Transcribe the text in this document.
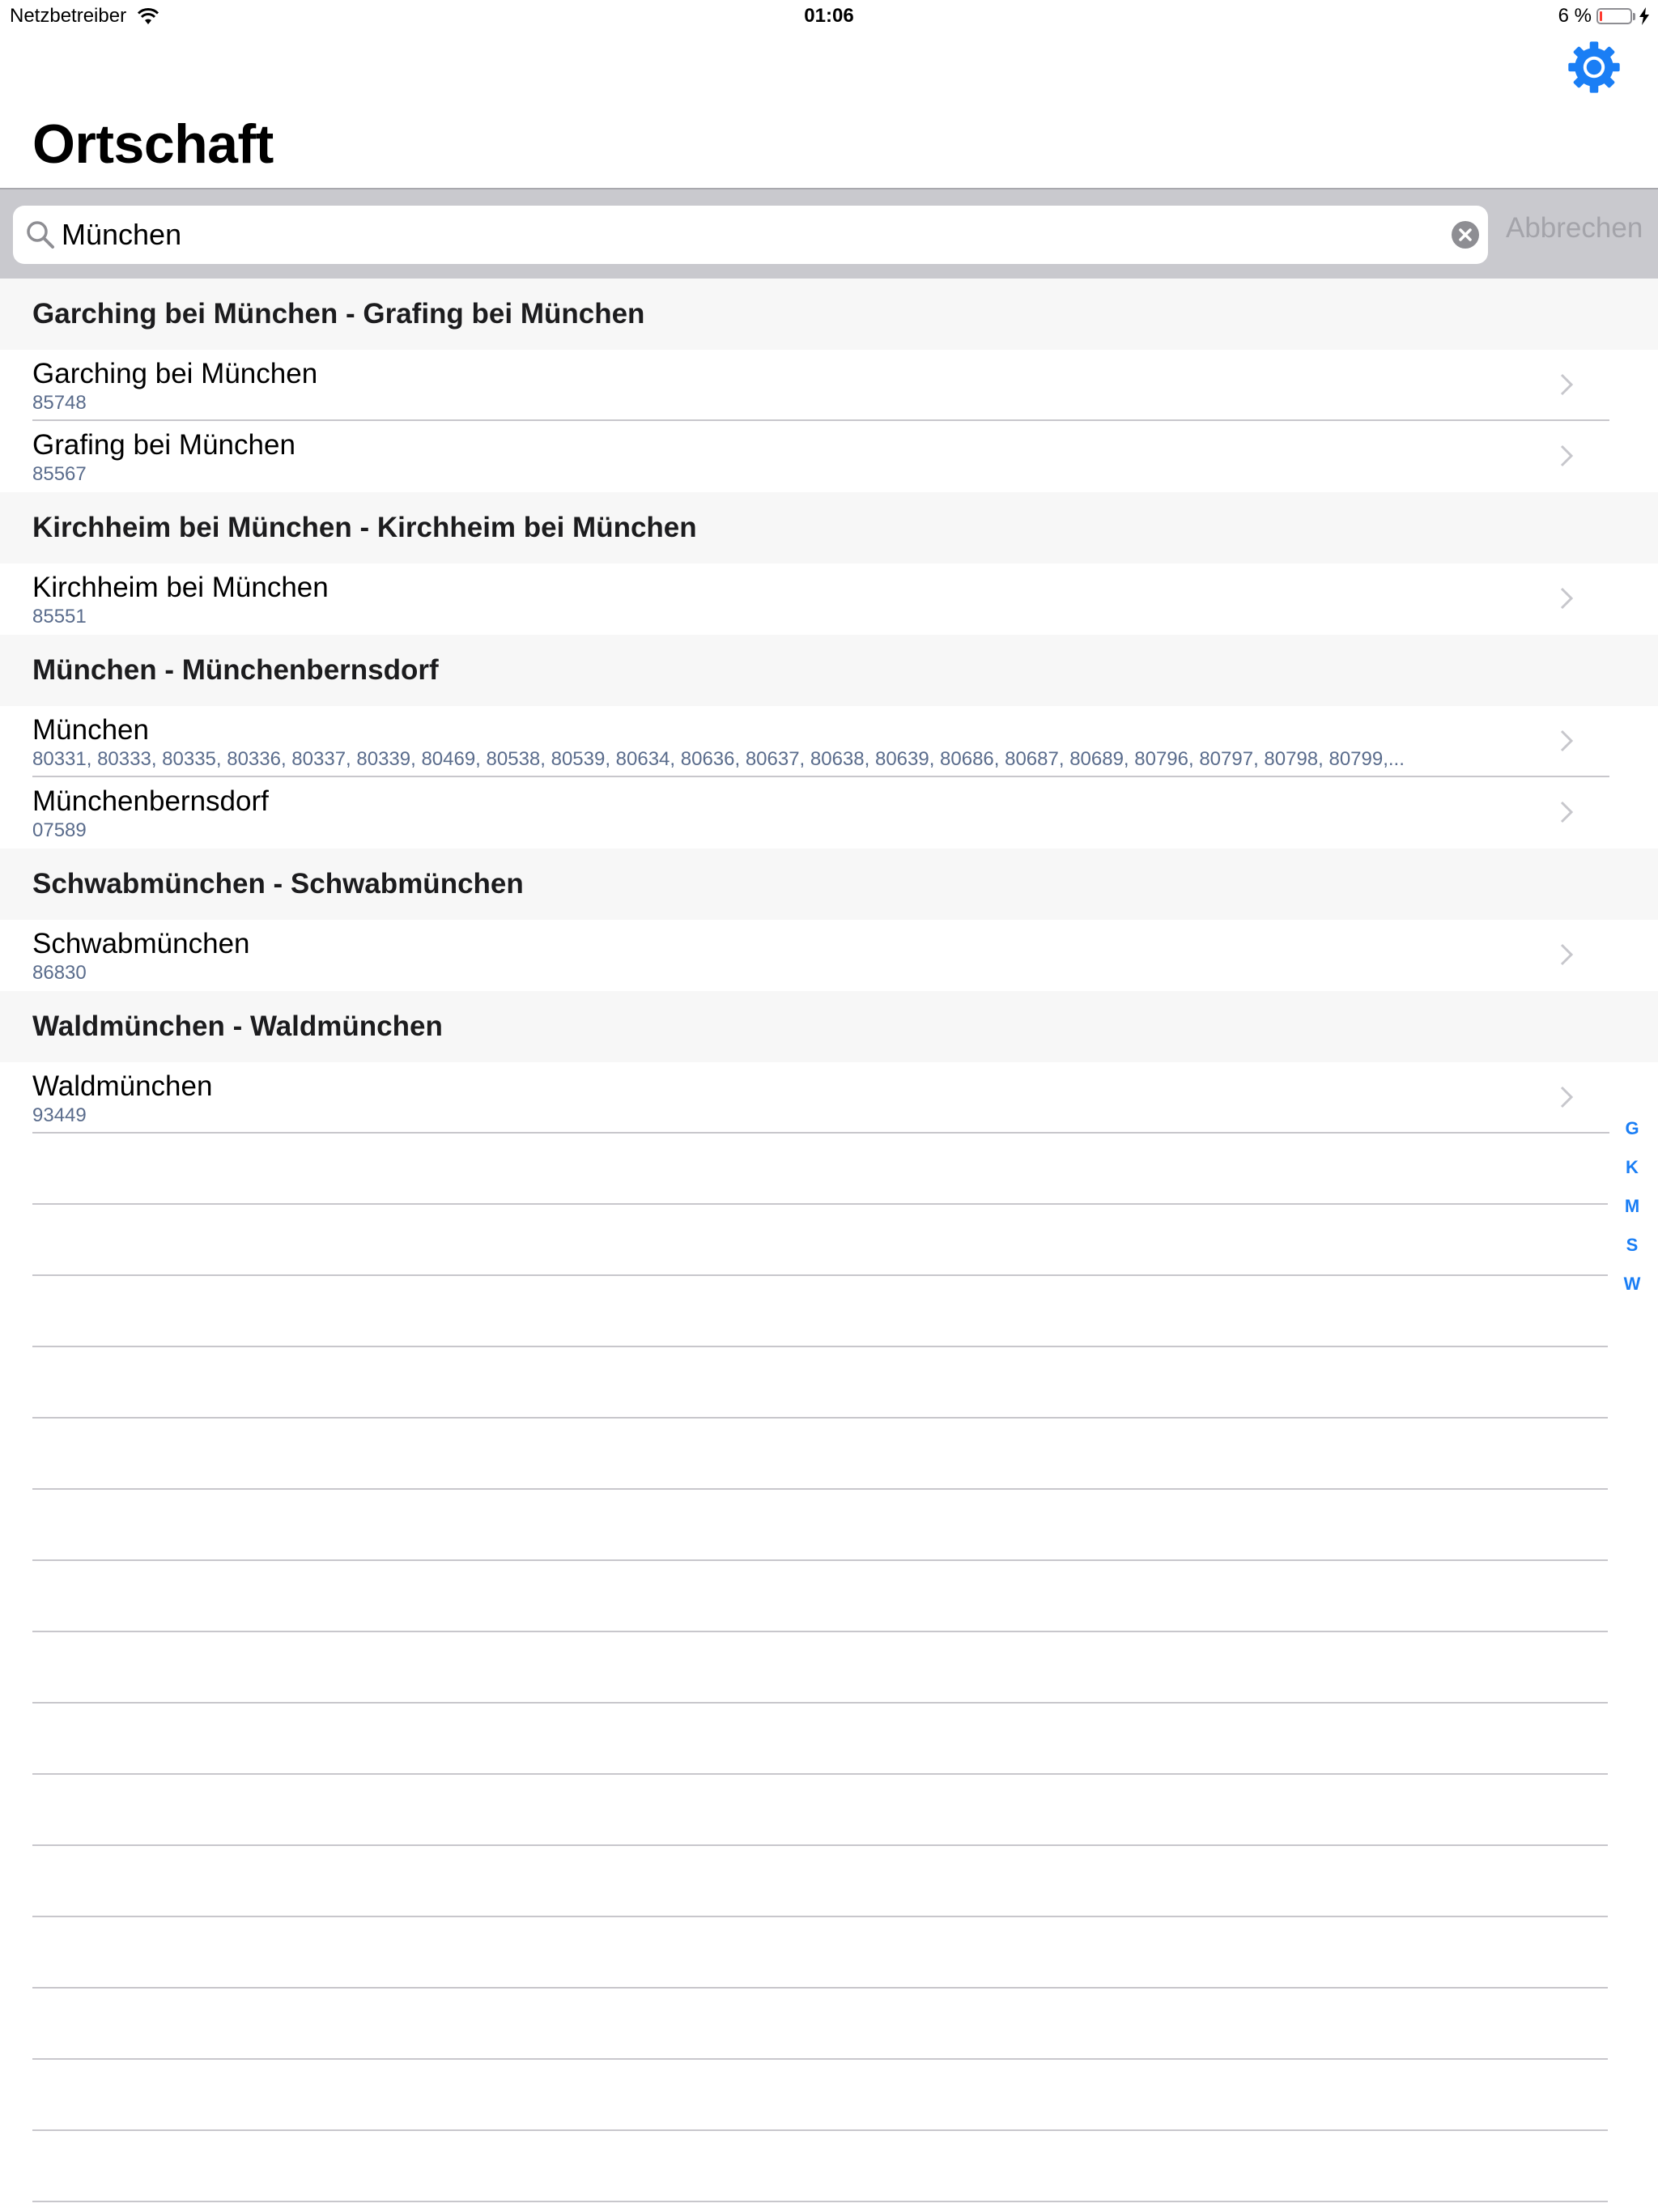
Netzbetreiber	01:06	6 %
Ortschaft
München
Abbrechen
Garching bei München - Grafing bei München
Garching bei München
85748
Grafing bei München
85567
Kirchheim bei München - Kirchheim bei München
Kirchheim bei München
85551
München - Münchenbernsdorf
München
80331, 80333, 80335, 80336, 80337, 80339, 80469, 80538, 80539, 80634, 80636, 80637, 80638, 80639, 80686, 80687, 80689, 80796, 80797, 80798, 80799,...
Münchenbernsdorf
07589
Schwabmünchen - Schwabmünchen
Schwabmünchen
86830
Waldmünchen - Waldmünchen
Waldmünchen
93449
G
K
M
S
W
